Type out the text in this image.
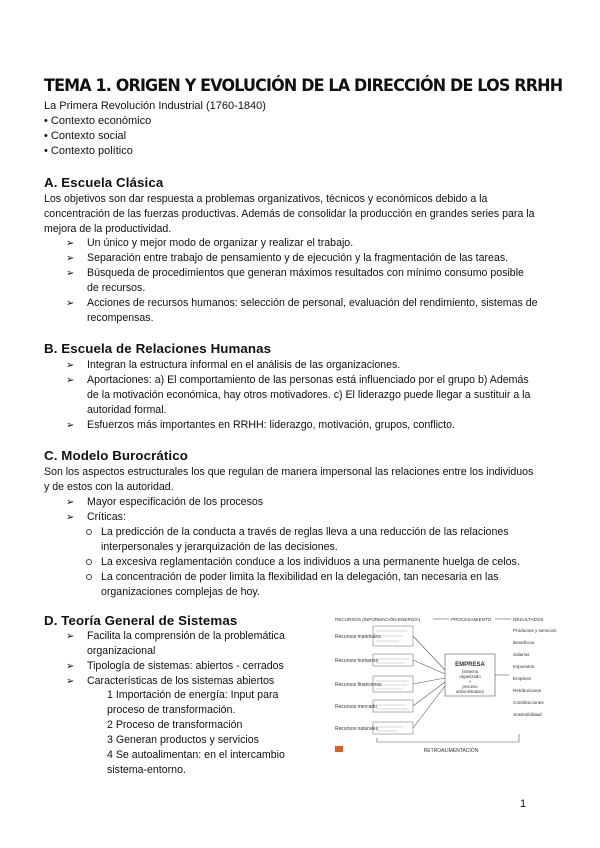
TEMA 1. ORIGEN Y EVOLUCIÓN DE LA DIRECCIÓN DE LOS RRHH
La Primera Revolución Industrial (1760-1840)
• Contexto económico
• Contexto social
• Contexto político
A. Escuela Clásica
Los objetivos son dar respuesta a problemas organizativos, técnicos y económicos debido a la
concentración de las fuerzas productivas. Además de consolidar la producción en grandes series para la
mejora de la productividad.
➢ Un único y mejor modo de organizar y realizar el trabajo.
➢ Separación entre trabajo de pensamiento y de ejecución y la fragmentación de las tareas.
➢ Búsqueda de procedimientos que generan máximos resultados con mínimo consumo posible
de recursos.
➢ Acciones de recursos humanos: selección de personal, evaluación del rendimiento, sistemas de
recompensas.
B. Escuela de Relaciones Humanas
➢ Integran la estructura informal en el análisis de las organizaciones.
➢ Aportaciones: a) El comportamiento de las personas está influenciado por el grupo b) Además
de la motivación económica, hay otros motivadores. c) El liderazgo puede llegar a sustituir a la
autoridad formal.
➢ Esfuerzos más importantes en RRHH: liderazgo, motivación, grupos, conflicto.
C. Modelo Burocrático
Son los aspectos estructurales los que regulan de manera impersonal las relaciones entre los individuos
y de estos con la autoridad.
➢ Mayor especificación de los procesos
➢ Críticas:
La predicción de la conducta a través de reglas lleva a una reducción de las relaciones
interpersonales y jerarquización de las decisiones.
La excesiva reglamentación conduce a los individuos a una permanente huelga de celos.
La concentración de poder limita la flexibilidad en la delegación, tan necesaria en las
organizaciones complejas de hoy.
D. Teoría General de Sistemas
➢ Facilita la comprensión de la problemática
organizacional
➢ Tipología de sistemas: abiertos - cerrados
➢ Características de los sistemas abiertos
1 Importación de energía: Input para
proceso de transformación.
2 Proceso de transformación
3 Generan productos y servicios
4 Se autoalimentan: en el intercambio
sistema-entorno.
RECURSOS (INFORMACIÓN-ENERGÍA)	PROCESAMIENTO	RESULTADOS
Recursos materiales
Recursos humanos
Recursos financieros
Recursos mercado
Recursos naturales
EMPRESA
(sistema
organizado
+
proceso
administrativo)
Productos y servicios
Beneficios
Salarios
Impuestos
Empleos
Retribuciones
Contribuciones
Sostenibilidad
RETROALIMENTACIÓN
1
